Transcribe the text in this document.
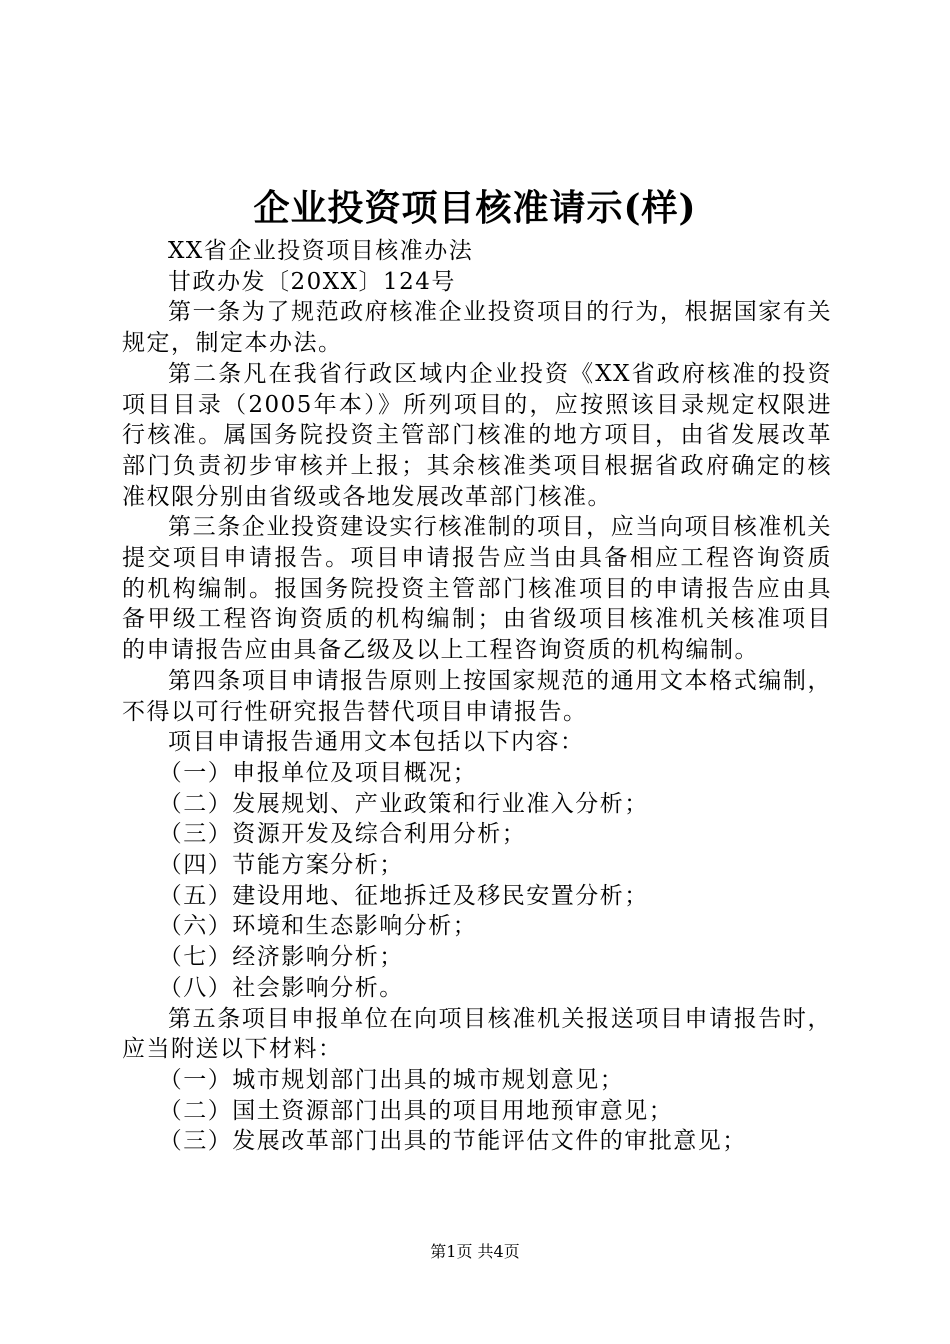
企业投资项目核准请示(样)

XX省企业投资项目核准办法

甘政办发〔20XX〕124号

第一条为了规范政府核准企业投资项目的行为，根据国家有关规定，制定本办法。

第二条凡在我省行政区域内企业投资《XX省政府核准的投资项目目录（2005年本）》所列项目的，应按照该目录规定权限进行核准。属国务院投资主管部门核准的地方项目，由省发展改革部门负责初步审核并上报；其余核准类项目根据省政府确定的核准权限分别由省级或各地发展改革部门核准。

第三条企业投资建设实行核准制的项目，应当向项目核准机关提交项目申请报告。项目申请报告应当由具备相应工程咨询资质的机构编制。报国务院投资主管部门核准项目的申请报告应由具备甲级工程咨询资质的机构编制；由省级项目核准机关核准项目的申请报告应由具备乙级及以上工程咨询资质的机构编制。

第四条项目申请报告原则上按国家规范的通用文本格式编制，不得以可行性研究报告替代项目申请报告。

项目申请报告通用文本包括以下内容：

（一）申报单位及项目概况；

（二）发展规划、产业政策和行业准入分析；

（三）资源开发及综合利用分析；

（四）节能方案分析；

（五）建设用地、征地拆迁及移民安置分析；

（六）环境和生态影响分析；

（七）经济影响分析；

（八）社会影响分析。

第五条项目申报单位在向项目核准机关报送项目申请报告时，应当附送以下材料：

（一）城市规划部门出具的城市规划意见；

（二）国土资源部门出具的项目用地预审意见；

（三）发展改革部门出具的节能评估文件的审批意见；

第1页 共4页
